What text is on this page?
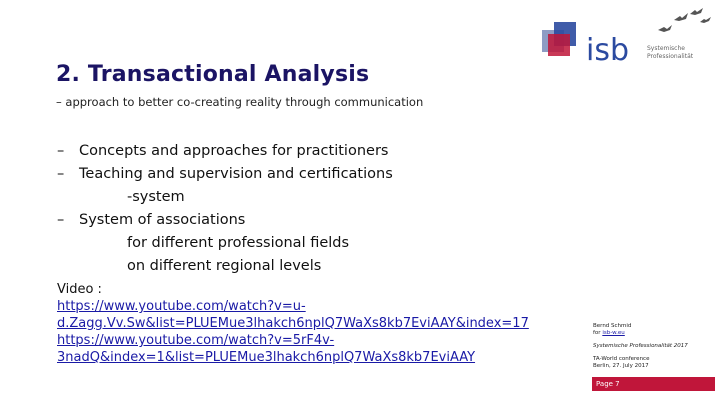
isb	Systemische
Professionalität
2. Transactional Analysis
– approach to better co-creating reality through communication
– Concepts and approaches for practitioners
– Teaching and supervision and certifications
-system
– System of associations
for different professional fields
on different regional levels
Video :
https://www.youtube.com/watch?v=u-
d.Zagg.Vv.Sw&list=PLUEMue3lhakch6nplQ7WaXs8kb7EviAAY&index=17
https://www.youtube.com/watch?v=5rF4v-
3nadQ&index=1&list=PLUEMue3lhakch6nplQ7WaXs8kb7EviAAY
Bernd Schmid
for isb-w.eu
Systemische Professionalität 2017
TA-World conference
Berlin, 27. July 2017
Page 7
